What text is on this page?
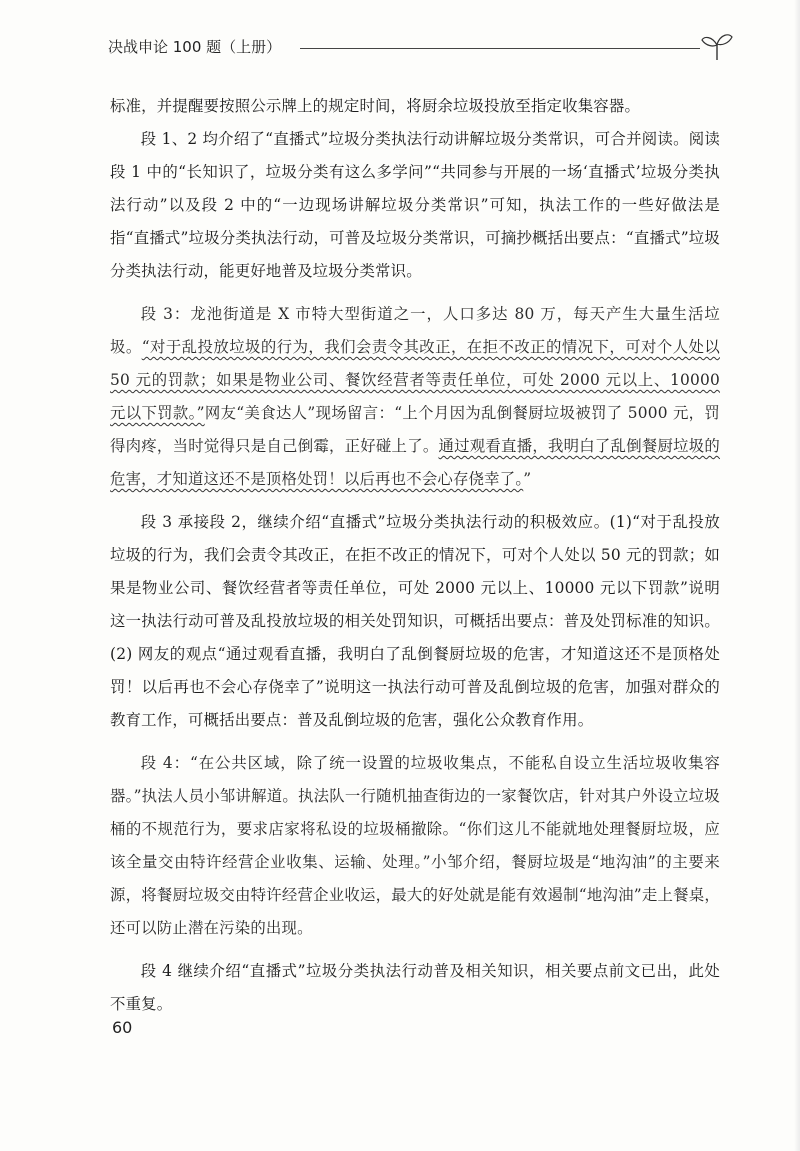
决战申论 100 题（上册）

标准，并提醒要按照公示牌上的规定时间，将厨余垃圾投放至指定收集容器。

段 1、2 均介绍了“直播式”垃圾分类执法行动讲解垃圾分类常识，可合并阅读。阅读段 1 中的“长知识了，垃圾分类有这么多学问”“共同参与开展的一场‘直播式’垃圾分类执法行动”以及段 2 中的“一边现场讲解垃圾分类常识”可知，执法工作的一些好做法是指“直播式”垃圾分类执法行动，可普及垃圾分类常识，可摘抄概括出要点：“直播式”垃圾分类执法行动，能更好地普及垃圾分类常识。

段 3：龙池街道是 X 市特大型街道之一，人口多达 80 万，每天产生大量生活垃圾。“对于乱投放垃圾的行为，我们会责令其改正，在拒不改正的情况下，可对个人处以 50 元的罚款；如果是物业公司、餐饮经营者等责任单位，可处 2000 元以上、10000 元以下罚款。”网友“美食达人”现场留言：“上个月因为乱倒餐厨垃圾被罚了 5000 元，罚得肉疼，当时觉得只是自己倒霉，正好碰上了。通过观看直播，我明白了乱倒餐厨垃圾的危害，才知道这还不是顶格处罚！以后再也不会心存侥幸了。”

段 3 承接段 2，继续介绍“直播式”垃圾分类执法行动的积极效应。(1)“对于乱投放垃圾的行为，我们会责令其改正，在拒不改正的情况下，可对个人处以 50 元的罚款；如果是物业公司、餐饮经营者等责任单位，可处 2000 元以上、10000 元以下罚款”说明这一执法行动可普及乱投放垃圾的相关处罚知识，可概括出要点：普及处罚标准的知识。(2) 网友的观点“通过观看直播，我明白了乱倒餐厨垃圾的危害，才知道这还不是顶格处罚！以后再也不会心存侥幸了”说明这一执法行动可普及乱倒垃圾的危害，加强对群众的教育工作，可概括出要点：普及乱倒垃圾的危害，强化公众教育作用。

段 4：“在公共区域，除了统一设置的垃圾收集点，不能私自设立生活垃圾收集容器。”执法人员小邹讲解道。执法队一行随机抽查街边的一家餐饮店，针对其户外设立垃圾桶的不规范行为，要求店家将私设的垃圾桶撤除。“你们这儿不能就地处理餐厨垃圾，应该全量交由特许经营企业收集、运输、处理。”小邹介绍，餐厨垃圾是“地沟油”的主要来源，将餐厨垃圾交由特许经营企业收运，最大的好处就是能有效遏制“地沟油”走上餐桌，还可以防止潜在污染的出现。

段 4 继续介绍“直播式”垃圾分类执法行动普及相关知识，相关要点前文已出，此处不重复。

60
